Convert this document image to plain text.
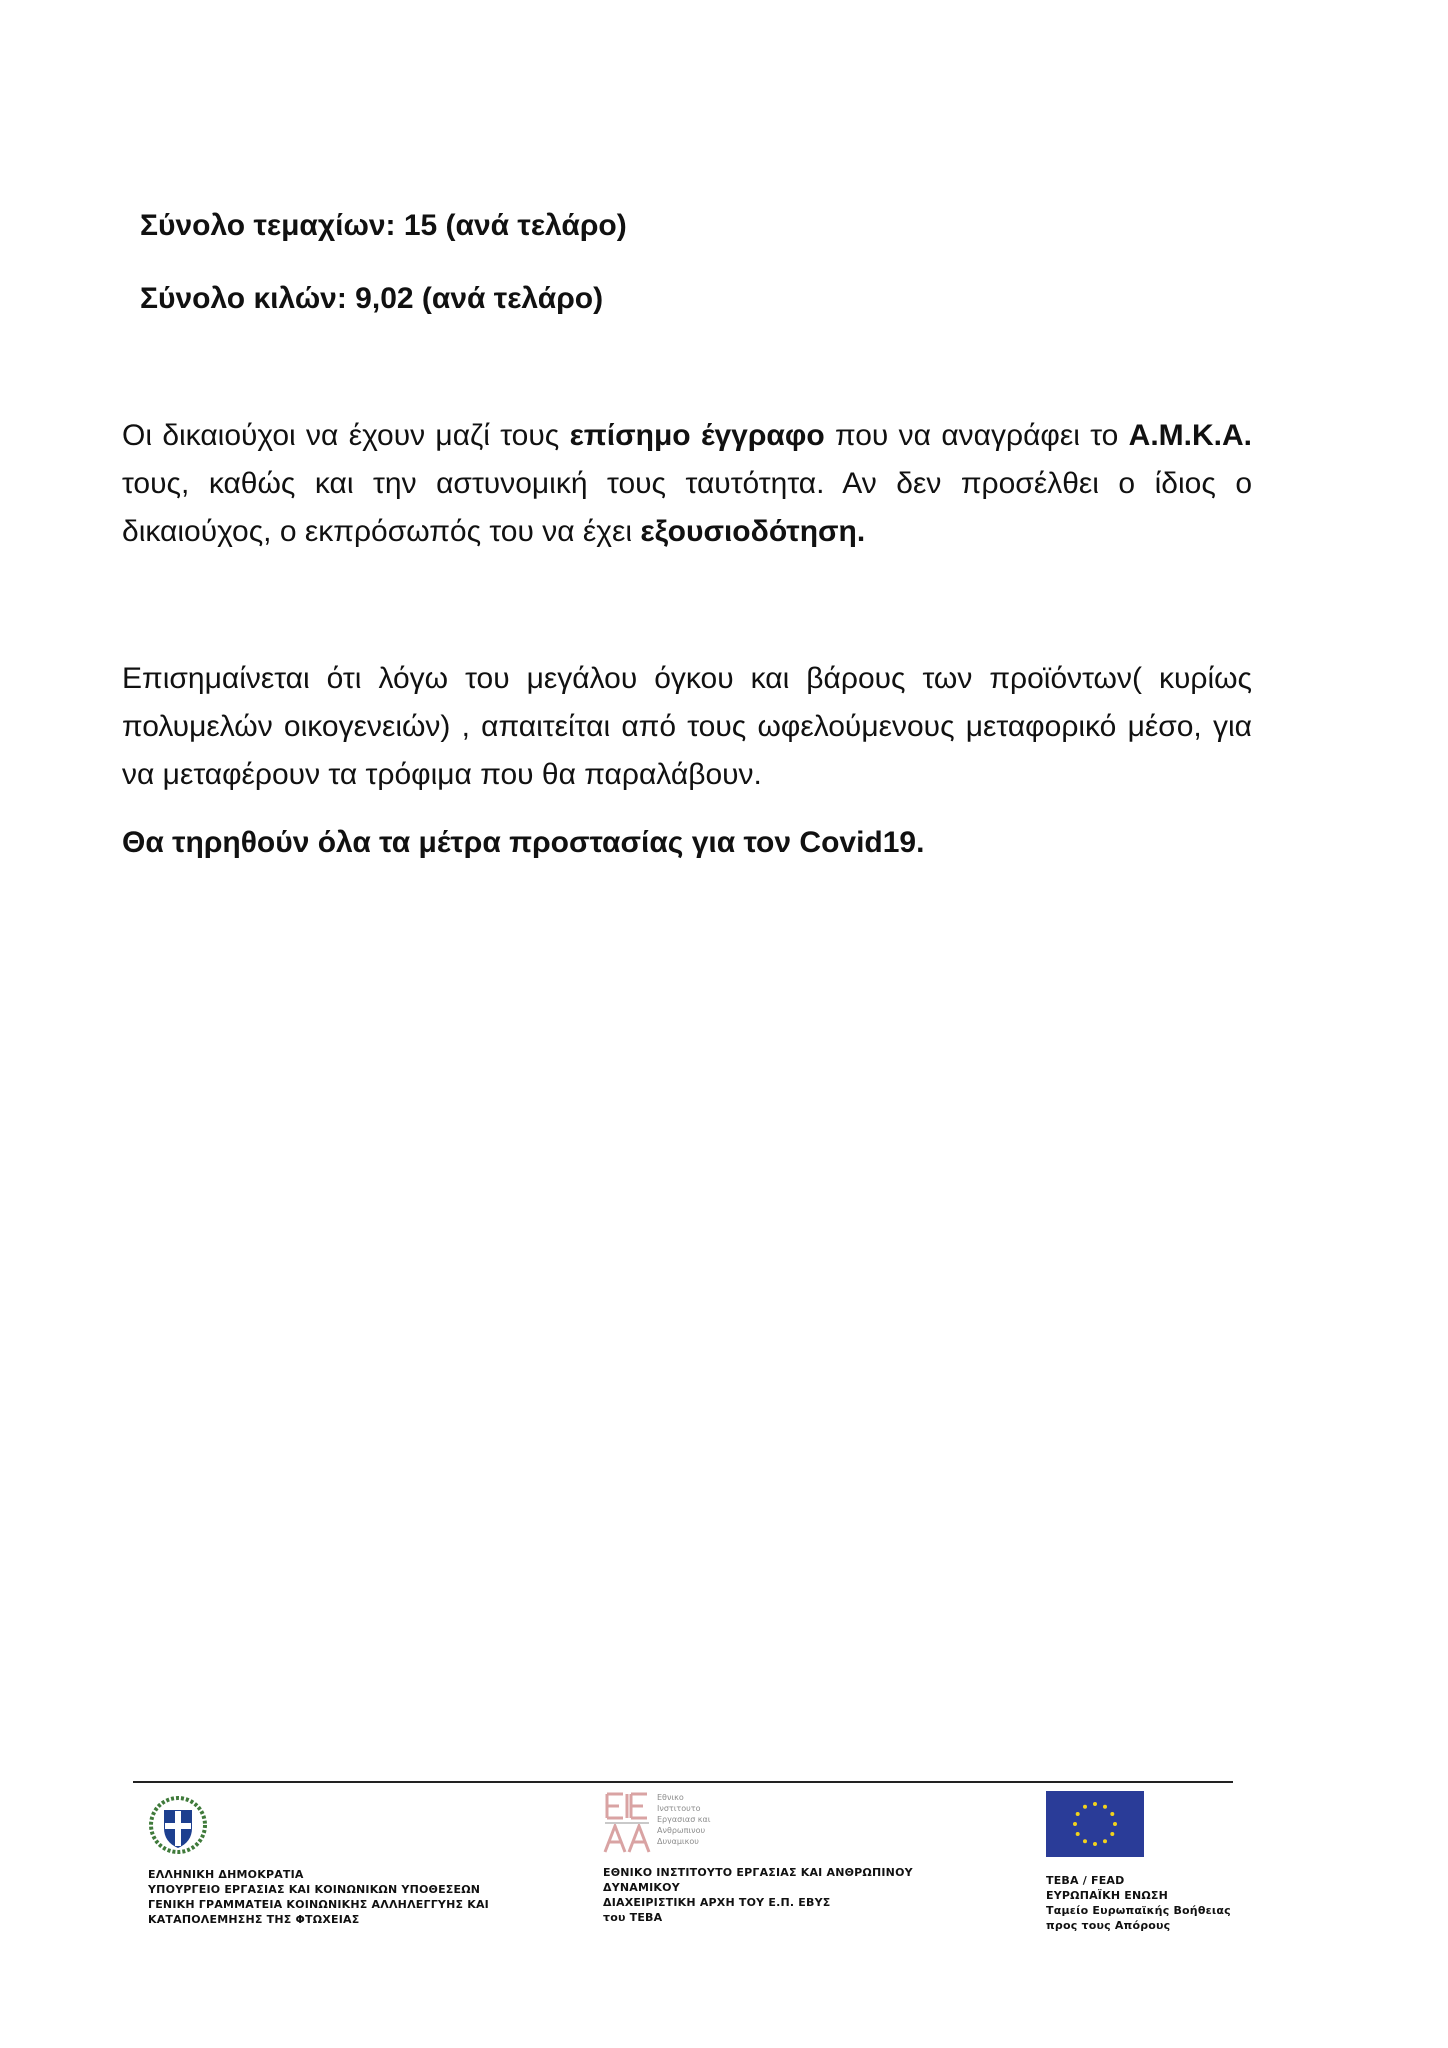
Σύνολο τεμαχίων: 15 (ανά τελάρο)
Σύνολο κιλών: 9,02 (ανά τελάρο)

Οι δικαιούχοι να έχουν μαζί τους επίσημο έγγραφο που να αναγράφει το Α.Μ.Κ.Α. τους, καθώς και την αστυνομική τους ταυτότητα. Αν δεν προσέλθει ο ίδιος ο δικαιούχος, ο εκπρόσωπός του να έχει εξουσιοδότηση.

Επισημαίνεται ότι λόγω του μεγάλου όγκου και βάρους των προϊόντων( κυρίως πολυμελών οικογενειών) , απαιτείται από τους ωφελούμενους μεταφορικό μέσο, για να μεταφέρουν τα τρόφιμα που θα παραλάβουν.

Θα τηρηθούν όλα τα μέτρα προστασίας για τον Covid19.
ΕΛΛΗΝΙΚΗ ΔΗΜΟΚΡΑΤΙΑ
ΥΠΟΥΡΓΕΙΟ ΕΡΓΑΣΙΑΣ ΚΑΙ ΚΟΙΝΩΝΙΚΩΝ ΥΠΟΘΕΣΕΩΝ
ΓΕΝΙΚΗ ΓΡΑΜΜΑΤΕΙΑ ΚΟΙΝΩΝΙΚΗΣ ΑΛΛΗΛΕΓΓΥΗΣ ΚΑΙ
ΚΑΤΑΠΟΛΕΜΗΣΗΣ ΤΗΣ ΦΤΩΧΕΙΑΣ
Εθνικο
Ινστιτουτο
Εργασιασ και
Ανθρωπινου
Δυναμικου
ΕΘΝΙΚΟ ΙΝΣΤΙΤΟΥΤΟ ΕΡΓΑΣΙΑΣ ΚΑΙ ΑΝΘΡΩΠΙΝΟΥ
ΔΥΝΑΜΙΚΟΥ
ΔΙΑΧΕΙΡΙΣΤΙΚΗ ΑΡΧΗ ΤΟΥ Ε.Π. ΕΒΥΣ
του ΤΕΒΑ
ΤΕΒΑ / FEAD
ΕΥΡΩΠΑΪΚΗ ΕΝΩΣΗ
Ταμείο Ευρωπαϊκής Βοήθειας
προς τους Απόρους
